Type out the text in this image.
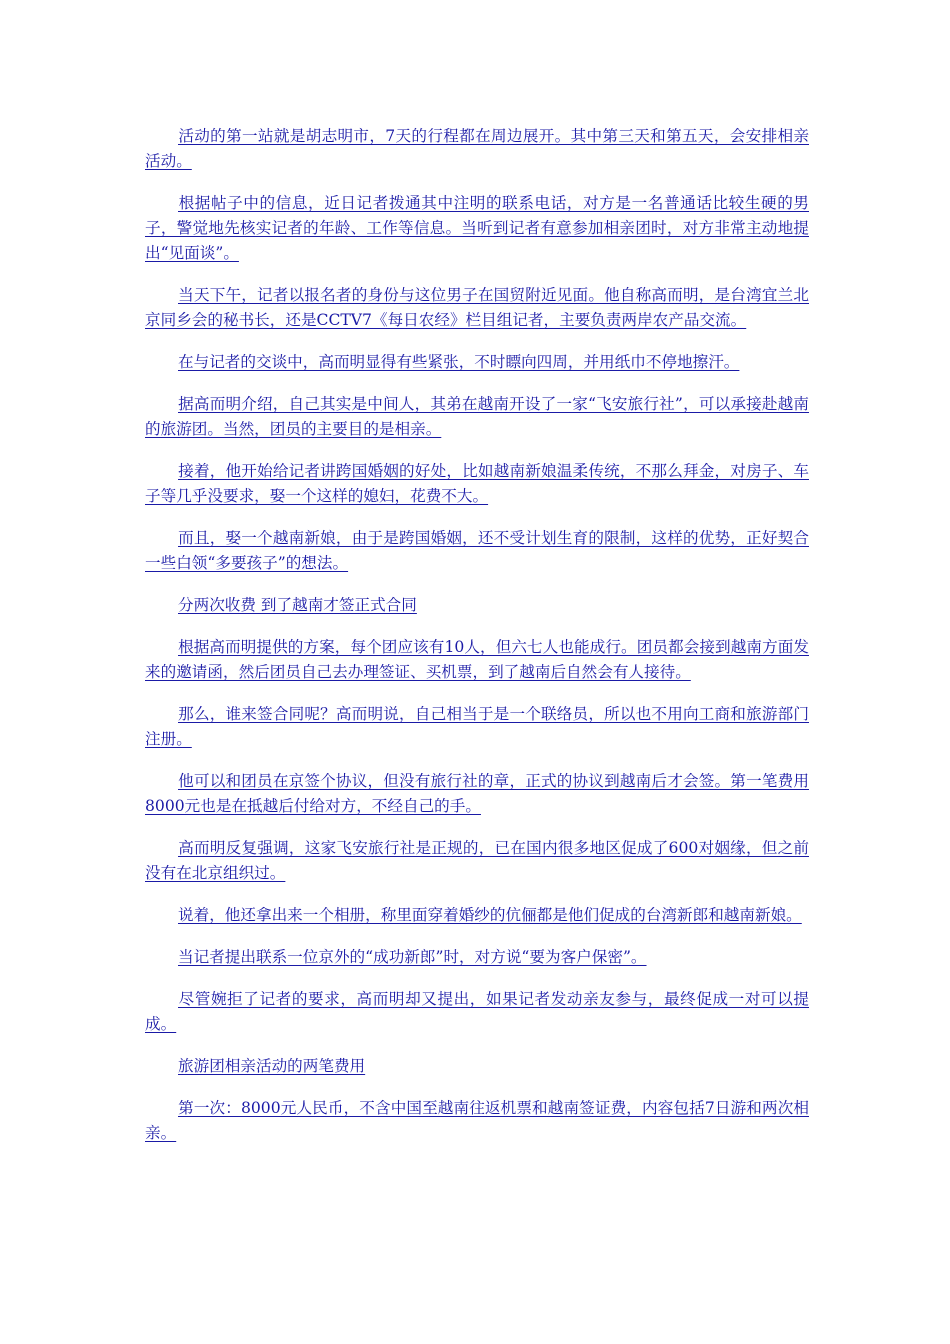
活动的第一站就是胡志明市，7天的行程都在周边展开。其中第三天和第五天，会安排相亲活动。

根据帖子中的信息，近日记者拨通其中注明的联系电话，对方是一名普通话比较生硬的男子，警觉地先核实记者的年龄、工作等信息。当听到记者有意参加相亲团时，对方非常主动地提出“见面谈”。

当天下午，记者以报名者的身份与这位男子在国贸附近见面。他自称高而明，是台湾宜兰北京同乡会的秘书长，还是CCTV7《每日农经》栏目组记者，主要负责两岸农产品交流。

在与记者的交谈中，高而明显得有些紧张，不时瞟向四周，并用纸巾不停地擦汗。

据高而明介绍，自己其实是中间人，其弟在越南开设了一家“飞安旅行社”，可以承接赴越南的旅游团。当然，团员的主要目的是相亲。

接着，他开始给记者讲跨国婚姻的好处，比如越南新娘温柔传统，不那么拜金，对房子、车子等几乎没要求，娶一个这样的媳妇，花费不大。

而且，娶一个越南新娘，由于是跨国婚姻，还不受计划生育的限制，这样的优势，正好契合一些白领“多要孩子”的想法。

分两次收费 到了越南才签正式合同

根据高而明提供的方案，每个团应该有10人，但六七人也能成行。团员都会接到越南方面发来的邀请函，然后团员自己去办理签证、买机票，到了越南后自然会有人接待。

那么，谁来签合同呢？高而明说，自己相当于是一个联络员，所以也不用向工商和旅游部门注册。

他可以和团员在京签个协议，但没有旅行社的章，正式的协议到越南后才会签。第一笔费用8000元也是在抵越后付给对方，不经自己的手。

高而明反复强调，这家飞安旅行社是正规的，已在国内很多地区促成了600对姻缘，但之前没有在北京组织过。

说着，他还拿出来一个相册，称里面穿着婚纱的伉俪都是他们促成的台湾新郎和越南新娘。

当记者提出联系一位京外的“成功新郎”时，对方说“要为客户保密”。

尽管婉拒了记者的要求，高而明却又提出，如果记者发动亲友参与，最终促成一对可以提成。

旅游团相亲活动的两笔费用

第一次：8000元人民币，不含中国至越南往返机票和越南签证费，内容包括7日游和两次相亲。
